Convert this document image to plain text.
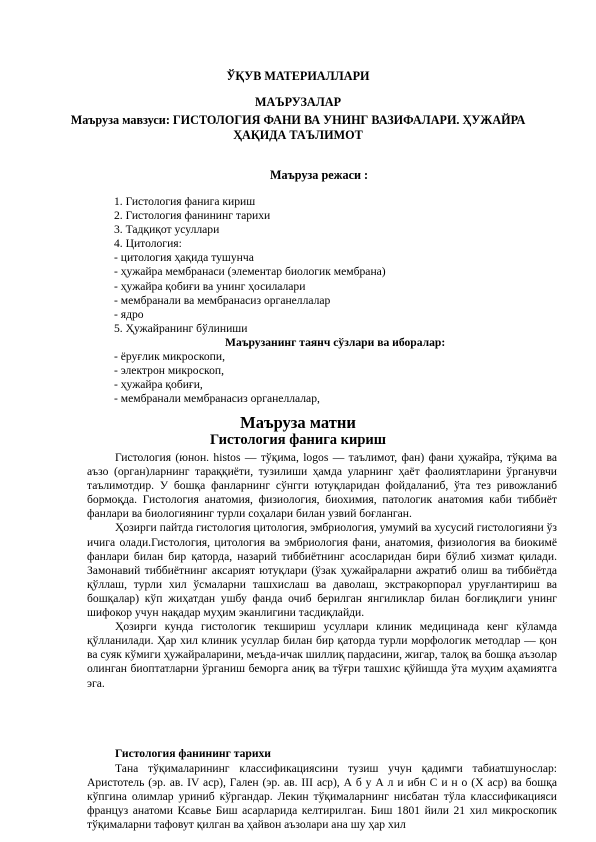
ЎҚУВ МАТЕРИАЛЛАРИ
МАЪРУЗАЛАР
Маъруза мавзуси: ГИСТОЛОГИЯ ФАНИ ВА УНИНГ ВАЗИФАЛАРИ. ҲУЖАЙРА
ҲАҚИДА ТАЪЛИМОТ
Маъруза режаси :
1. Гистология фанига кириш
2. Гистология фанининг тарихи
3. Тадқиқот усуллари
4. Цитология:
- цитология ҳақида тушунча
- ҳужайра мембранаси (элементар биологик мембрана)
- ҳужайра қобиғи ва унинг ҳосилалари
- мембранали ва мембранасиз органеллалар
- ядро
5. Ҳужайранинг бўлиниши
Маърузанинг таянч сўзлари ва иборалар:
- ёруғлик микроскопи,
- электрон микроскоп,
- ҳужайра қобиғи,
- мембранали мембранасиз органеллалар,
Маъруза матни
Гистология фанига кириш

Гистология (юнон. histos — тўқима, logos — таълимот, фан) фани ҳужайра, тўқима ва аъзо (орган)ларнинг тараққиёти, тузилиши ҳамда уларнинг ҳаёт фаолиятларини ўрганувчи таълимотдир. У бошқа фанларнинг сўнгги ютуқларидан фойдаланиб, ўта тез ривожланиб бормоқда. Гистология анатомия, физиология, биохимия, патологик анатомия каби тиббиёт фанлари ва биологиянинг турли соҳалари билан узвий боғланган.

Ҳозирги пайтда гистология цитология, эмбриология, умумий ва хусусий гистологияни ўз ичига олади.Гистология, цитология ва эмбриология фани, анатомия, физиология ва биокимё фанлари билан бир қаторда, назарий тиббиётнинг асосларидан бири бўлиб хизмат қилади. Замонавий тиббиётнинг аксарият ютуқлари (ўзак ҳужайраларни ажратиб олиш ва тиббиётда қўллаш, турли хил ўсмаларни ташхислаш ва даволаш, экстракорпорал уруғлантириш ва бошқалар) кўп жиҳатдан ушбу фанда очиб берилган янгиликлар билан боғлиқлиги унинг шифокор учун нақадар муҳим эканлигини тасдиқлайди.

Ҳозирги кунда гистологик текшириш усуллари клиник медицинада кенг кўламда қўлланилади. Ҳар хил клиник усуллар билан бир қаторда турли морфологик методлар — қон ва суяк кўмиги ҳужайраларини, меъда-ичак шиллиқ пардасини, жигар, талоқ ва бошқа аъзолар олинган биоптатларни ўрганиш беморга аниқ ва тўғри ташхис қўйишда ўта муҳим аҳамиятга эга.

Гистология фанининг тарихи

Тана тўқималарининг классификациясини тузиш учун қадимги табиатшунослар: Аристотель (эр. ав. IV аср), Гален (эр. ав. III аср), А б у А л и ибн С и н о (X аср) ва бошқа кўпгина олимлар уриниб кўргандар. Лекин тўқималарнинг нисбатан тўла классификацияси француз анатоми Ксавье Биш асарларида келтирилган. Биш 1801 йили 21 хил микроскопик тўқималарни тафовут қилган ва ҳайвон аъзолари ана шу ҳар хил
